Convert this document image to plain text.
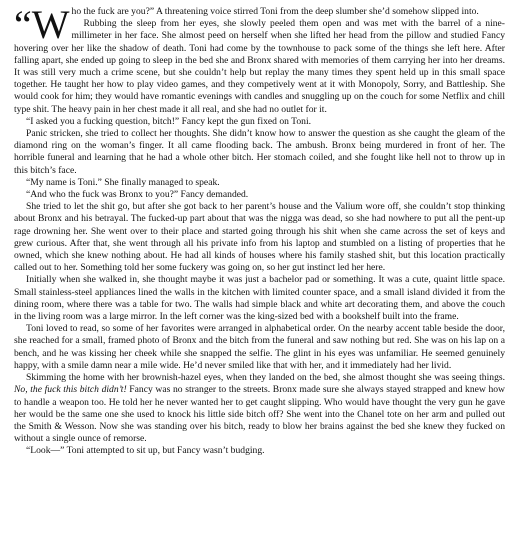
“Who the fuck are you?” A threatening voice stirred Toni from the deep slumber she’d somehow slipped into.

Rubbing the sleep from her eyes, she slowly peeled them open and was met with the barrel of a nine-millimeter in her face. She almost peed on herself when she lifted her head from the pillow and studied Fancy hovering over her like the shadow of death. Toni had come by the townhouse to pack some of the things she left here. After falling apart, she ended up going to sleep in the bed she and Bronx shared with memories of them carrying her into her dreams. It was still very much a crime scene, but she couldn’t help but replay the many times they spent held up in this small space together. He taught her how to play video games, and they competively went at it with Monopoly, Sorry, and Battleship. She would cook for him; they would have romantic evenings with candles and snuggling up on the couch for some Netflix and chill type shit. The heavy pain in her chest made it all real, and she had no outlet for it.

“I asked you a fucking question, bitch!” Fancy kept the gun fixed on Toni.

Panic stricken, she tried to collect her thoughts. She didn’t know how to answer the question as she caught the gleam of the diamond ring on the woman’s finger. It all came flooding back. The ambush. Bronx being murdered in front of her. The horrible funeral and learning that he had a whole other bitch. Her stomach coiled, and she fought like hell not to throw up in this bitch’s face.

“My name is Toni.” She finally managed to speak.

“And who the fuck was Bronx to you?” Fancy demanded.

She tried to let the shit go, but after she got back to her parent’s house and the Valium wore off, she couldn’t stop thinking about Bronx and his betrayal. The fucked-up part about that was the nigga was dead, so she had nowhere to put all the pent-up rage drowning her. She went over to their place and started going through his shit when she came across the set of keys and grew curious. After that, she went through all his private info from his laptop and stumbled on a listing of properties that he owned, which she knew nothing about. He had all kinds of houses where his family stashed shit, but this location practically called out to her. Something told her some fuckery was going on, so her gut instinct led her here.

Initially when she walked in, she thought maybe it was just a bachelor pad or something. It was a cute, quaint little space. Small stainless-steel appliances lined the walls in the kitchen with limited counter space, and a small island divided it from the dining room, where there was a table for two. The walls had simple black and white art decorating them, and above the couch in the living room was a large mirror. In the left corner was the king-sized bed with a bookshelf built into the frame.

Toni loved to read, so some of her favorites were arranged in alphabetical order. On the nearby accent table beside the door, she reached for a small, framed photo of Bronx and the bitch from the funeral and saw nothing but red. She was on his lap on a bench, and he was kissing her cheek while she snapped the selfie. The glint in his eyes was unfamiliar. He seemed genuinely happy, with a smile damn near a mile wide. He’d never smiled like that with her, and it immediately had her livid.

Skimming the home with her brownish-hazel eyes, when they landed on the bed, she almost thought she was seeing things. No, the fuck this bitch didn’t! Fancy was no stranger to the streets. Bronx made sure she always stayed strapped and knew how to handle a weapon too. He told her he never wanted her to get caught slipping. Who would have thought the very gun he gave her would be the same one she used to knock his little side bitch off? She went into the Chanel tote on her arm and pulled out the Smith & Wesson. Now she was standing over his bitch, ready to blow her brains against the bed she knew they fucked on without a single ounce of remorse.

“Look—” Toni attempted to sit up, but Fancy wasn’t budging.
